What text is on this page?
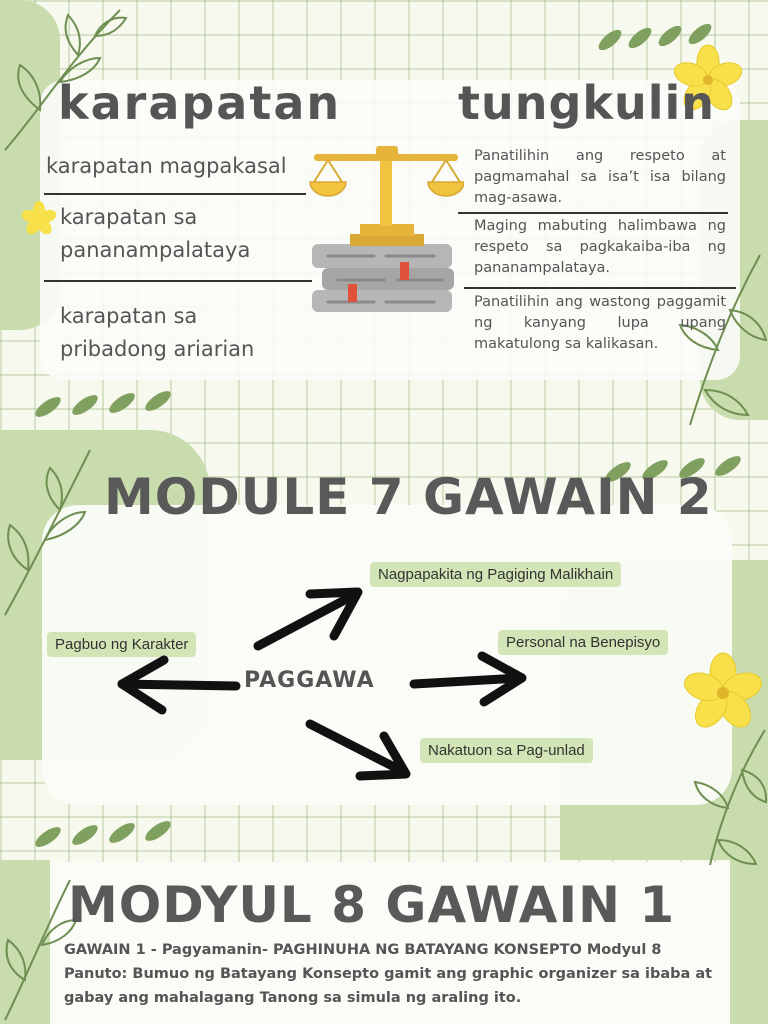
karapatan	tungkulin
karapatan magpakasal
karapatan sa
pananampalataya
karapatan sa
pribadong ariarian
Panatilihin ang respeto at pagmamahal sa isa’t isa bilang mag-asawa.
Maging mabuting halimbawa ng respeto sa pagkakaiba-iba ng pananampalataya.
Panatilihin ang wastong paggamit ng kanyang lupa upang makatulong sa kalikasan.
MODULE 7 GAWAIN 2
Nagpapakita ng Pagiging Malikhain
Pagbuo ng Karakter	Personal na Benepisyo
Nakatuon sa Pag-unlad
PAGGAWA
MODYUL 8 GAWAIN 1
GAWAIN 1 - Pagyamanin- PAGHINUHA NG BATAYANG KONSEPTO Modyul 8 Panuto: Bumuo ng Batayang Konsepto gamit ang graphic organizer sa ibaba at gabay ang mahalagang Tanong sa simula ng araling ito.
